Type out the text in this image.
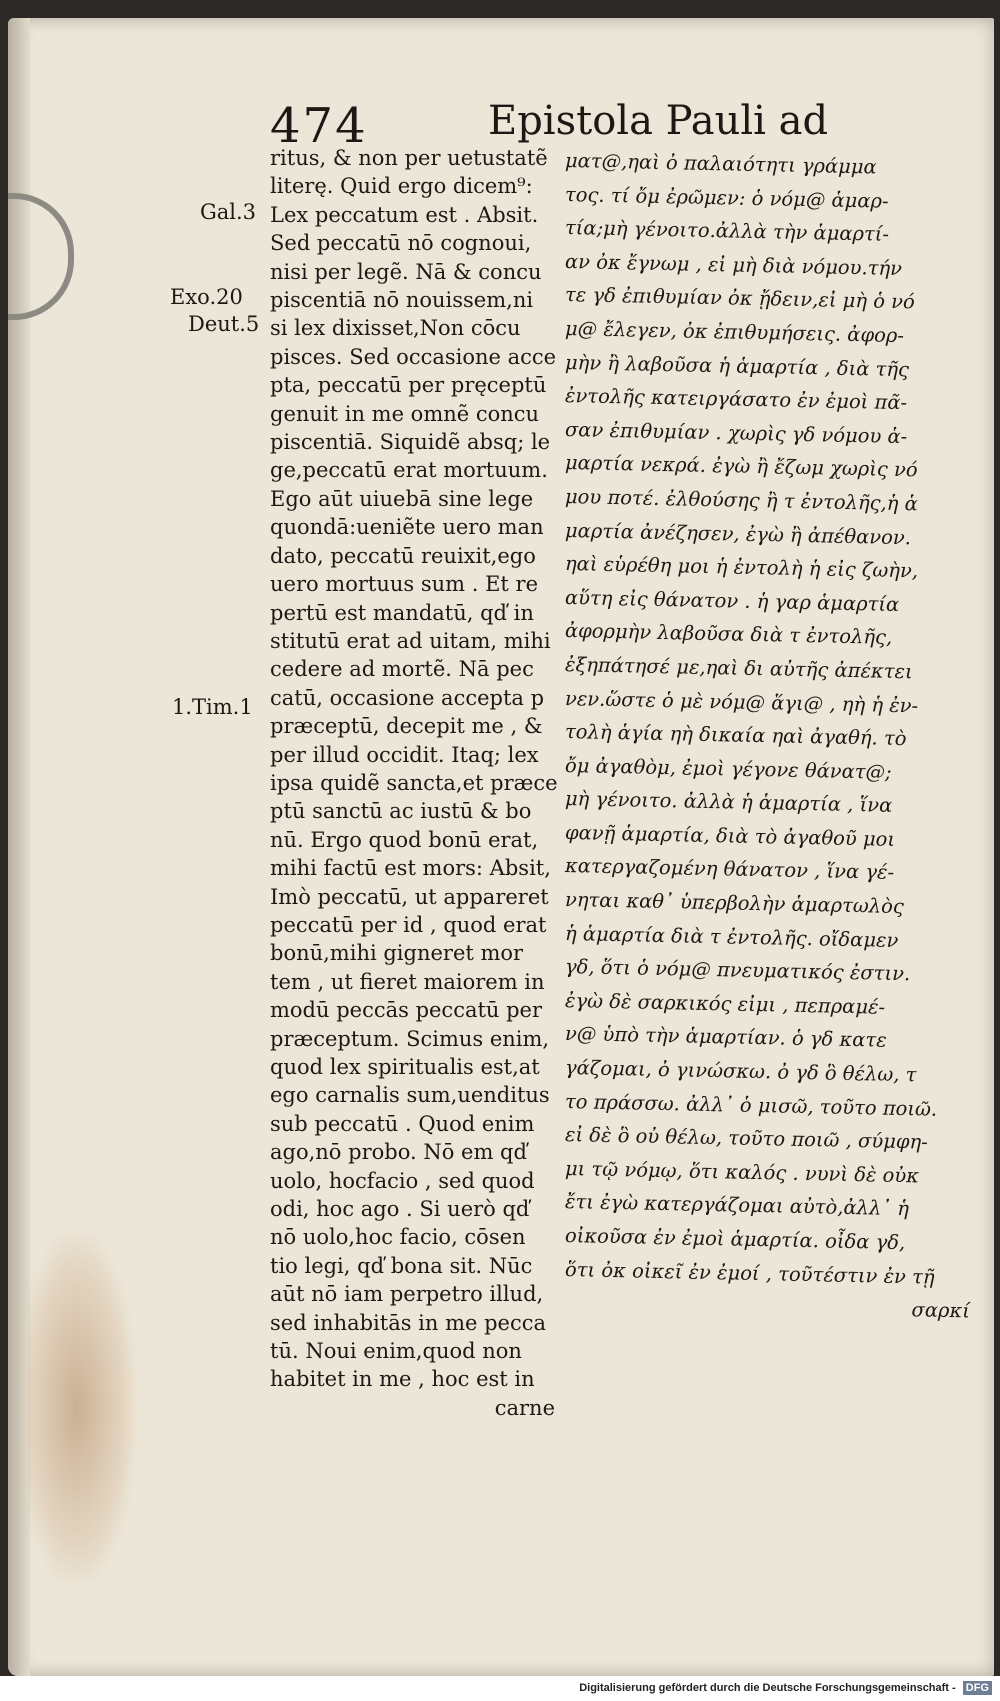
474	Epistola Pauli ad
Gal.3
Exo.20
Deut.5
1.Tim.1
ritus, & non per uetustatẽ
literę. Quid ergo dicem⁹:
Lex peccatum est . Absit.
Sed peccatū nō cognoui,
nisi per legẽ. Nā & concu
piscentiā nō nouissem,ni
si lex dixisset,Non cōcu
pisces. Sed occasione acce
pta, peccatū per pręceptū
genuit in me omnẽ concu
piscentiā. Siquidẽ absq; le
ge,peccatū erat mortuum.
Ego aūt uiuebā sine lege
quondā:ueniẽte uero man
dato, peccatū reuixit,ego
uero mortuus sum . Et re
pertū est mandatū, qď in
stitutū erat ad uitam, mihi
cedere ad mortẽ. Nā pec
catū, occasione accepta p
præceptū, decepit me , &
per illud occidit. Itaq; lex
ipsa quidẽ sancta,et præce
ptū sanctū ac iustū & bo
nū. Ergo quod bonū erat,
mihi factū est mors: Absit,
Imò peccatū, ut appareret
peccatū per id , quod erat
bonū,mihi gigneret mor
tem , ut fieret maiorem in
modū peccās peccatū per
præceptum. Scimus enim,
quod lex spiritualis est,at
ego carnalis sum,uenditus
sub peccatū . Quod enim
ago,nō probo. Nō em qď
uolo, hocfacio , sed quod
odi, hoc ago . Si uerò qď
nō uolo,hoc facio, cōsen
tio legi, qď bona sit. Nūc
aūt nō iam perpetro illud,
sed inhabitās in me pecca
tū. Noui enim,quod non
habitet in me , hoc est in
carne
ματ@,ηαὶ ὀ παλαιότητι γράμμα
τος. τί ὄμ ἐρῶμεν: ὁ νόμ@ ἁμαρ-
τία;μὴ γένοιτο.ἀλλὰ τὴν ἁμαρτί-
αν ὀκ ἔγνωμ , εἰ μὴ διὰ νόμου.τήν
τε γδ ἐπιθυμίαν ὀκ ᾔδειν,εἰ μὴ ὁ νό
μ@ ἔλεγεν, ὀκ ἐπιθυμήσεις. ἀφορ-
μὴν ἢ λαβοῦσα ἡ ἁμαρτία , διὰ τῆς
ἐντολῆς κατειργάσατο ἐν ἐμοὶ πᾶ-
σαν ἐπιθυμίαν . χωρὶς γδ νόμου ἁ-
μαρτία νεκρά. ἐγὼ ἢ ἔζωμ χωρὶς νό
μου ποτέ. ἐλθούσης ἢ τ ἐντολῆς,ἡ ἁ
μαρτία ἀνέζησεν, ἐγὼ ἢ ἀπέθανον.
ηαὶ εὑρέθη μοι ἡ ἐντολὴ ἡ εἰς ζωὴν,
αὕτη εἰς θάνατον . ἡ γαρ ἁμαρτία
ἀφορμὴν λαβοῦσα διὰ τ ἐντολῆς,
ἐξηπάτησέ με,ηαὶ δι αὐτῆς ἀπέκτει
νεν.ὥστε ὁ μὲ νόμ@ ἅγι@ , ηὴ ἡ ἐν-
τολὴ ἁγία ηὴ δικαία ηαὶ ἀγαθή. τὸ
ὄμ ἀγαθὸμ, ἐμοὶ γέγονε θάνατ@;
μὴ γένοιτο. ἀλλὰ ἡ ἁμαρτία , ἵνα
φανῇ ἁμαρτία, διὰ τὸ ἀγαθοῦ μοι
κατεργαζομένη θάνατον , ἵνα γέ-
νηται καθ᾽ ὑπερβολὴν ἁμαρτωλὸς
ἡ ἁμαρτία διὰ τ ἐντολῆς. οἴδαμεν
γδ, ὅτι ὁ νόμ@ πνευματικός ἐστιν.
ἐγὼ δὲ σαρκικός εἰμι , πεπραμέ-
ν@ ὑπὸ τὴν ἁμαρτίαν. ὁ γδ κατε
γάζομαι, ὀ γινώσκω. ὀ γδ ὃ θέλω, τ
το πράσσω. ἀλλ᾽ ὁ μισῶ, τοῦτο ποιῶ.
εἰ δὲ ὃ οὐ θέλω, τοῦτο ποιῶ , σύμφη-
μι τῷ νόμῳ, ὅτι καλός . νυνὶ δὲ οὐκ
ἔτι ἐγὼ κατεργάζομαι αὐτὸ,ἀλλ᾽ ἡ
οἰκοῦσα ἐν ἐμοὶ ἁμαρτία. οἶδα γδ,
ὅτι ὀκ οἰκεῖ ἐν ἐμοί , τοῦτέστιν ἐν τῇ
σαρκί
Digitalisierung gefördert durch die Deutsche Forschungsgemeinschaft - DFG
